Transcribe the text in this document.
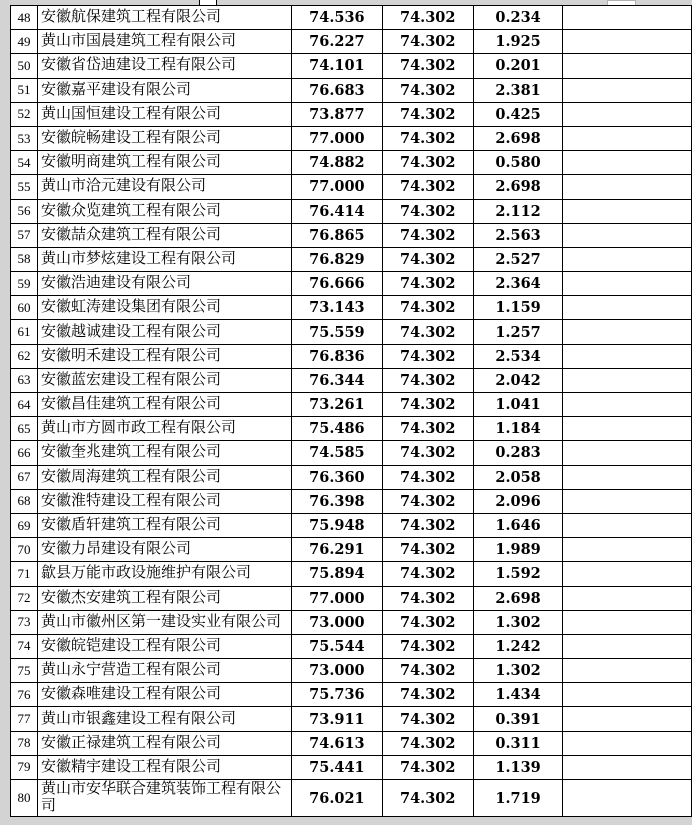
48	安徽航保建筑工程有限公司	74.536	74.302	0.234	
49	黄山市国晨建筑工程有限公司	76.227	74.302	1.925	
50	安徽省岱迪建设工程有限公司	74.101	74.302	0.201	
51	安徽嘉平建设有限公司	76.683	74.302	2.381	
52	黄山国恒建设工程有限公司	73.877	74.302	0.425	
53	安徽皖畅建设工程有限公司	77.000	74.302	2.698	
54	安徽明商建筑工程有限公司	74.882	74.302	0.580	
55	黄山市洽元建设有限公司	77.000	74.302	2.698	
56	安徽众览建筑工程有限公司	76.414	74.302	2.112	
57	安徽喆众建筑工程有限公司	76.865	74.302	2.563	
58	黄山市梦炫建设工程有限公司	76.829	74.302	2.527	
59	安徽浩迪建设有限公司	76.666	74.302	2.364	
60	安徽虹涛建设集团有限公司	73.143	74.302	1.159	
61	安徽越诚建设工程有限公司	75.559	74.302	1.257	
62	安徽明禾建设工程有限公司	76.836	74.302	2.534	
63	安徽蓝宏建设工程有限公司	76.344	74.302	2.042	
64	安徽昌佳建筑工程有限公司	73.261	74.302	1.041	
65	黄山市方圆市政工程有限公司	75.486	74.302	1.184	
66	安徽奎兆建筑工程有限公司	74.585	74.302	0.283	
67	安徽周海建筑工程有限公司	76.360	74.302	2.058	
68	安徽淮特建设工程有限公司	76.398	74.302	2.096	
69	安徽盾轩建筑工程有限公司	75.948	74.302	1.646	
70	安徽力昂建设有限公司	76.291	74.302	1.989	
71	歙县万能市政设施维护有限公司	75.894	74.302	1.592	
72	安徽杰安建筑工程有限公司	77.000	74.302	2.698	
73	黄山市徽州区第一建设实业有限公司	73.000	74.302	1.302	
74	安徽皖铠建设工程有限公司	75.544	74.302	1.242	
75	黄山永宁营造工程有限公司	73.000	74.302	1.302	
76	安徽森唯建设工程有限公司	75.736	74.302	1.434	
77	黄山市银鑫建设工程有限公司	73.911	74.302	0.391	
78	安徽正禄建筑工程有限公司	74.613	74.302	0.311	
79	安徽精宇建设工程有限公司	75.441	74.302	1.139	
80	黄山市安华联合建筑装饰工程有限公司	76.021	74.302	1.719	
